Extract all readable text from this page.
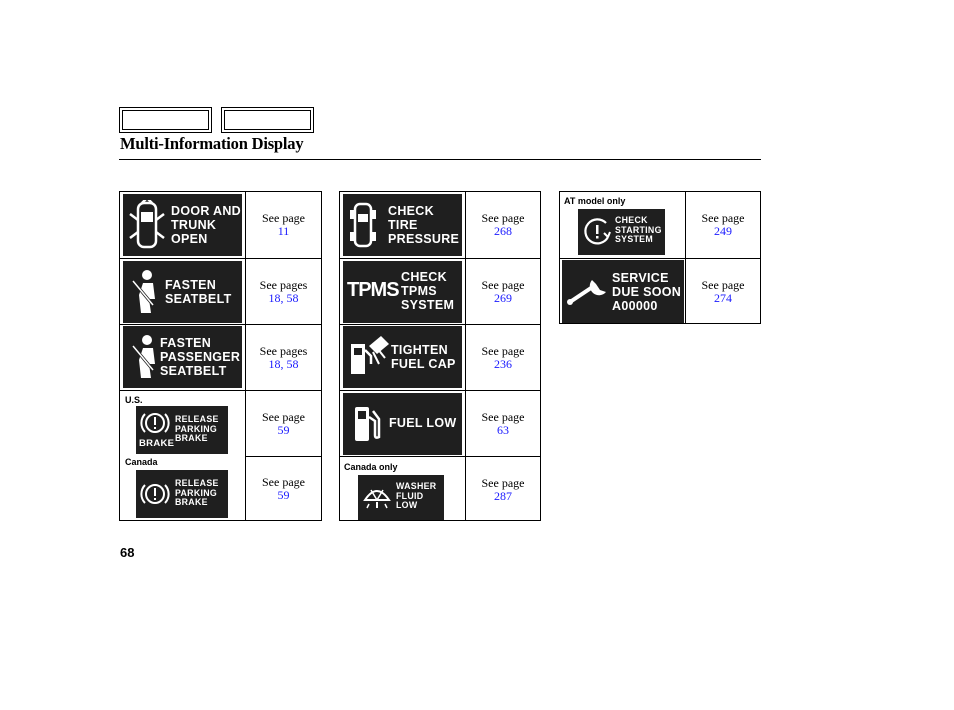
Multi-Information Display
DOOR AND
TRUNK
OPEN
See page
11
FASTEN
SEATBELT
See pages
18, 58
FASTEN
PASSENGER
SEATBELT
See pages
18, 58
U.S.
BRAKE
RELEASE
PARKING
BRAKE
See page
59
Canada
RELEASE
PARKING
BRAKE
See page
59
CHECK
TIRE
PRESSURE
See page
268
TPMS
CHECK
TPMS
SYSTEM
See page
269
TIGHTEN
FUEL CAP
See page
236
FUEL LOW	See page
63
Canada only
WASHER
FLUID
LOW
See page
287
AT model only
CHECK
STARTING
SYSTEM
See page
249
SERVICE
DUE SOON
A00000
See page
274
68
